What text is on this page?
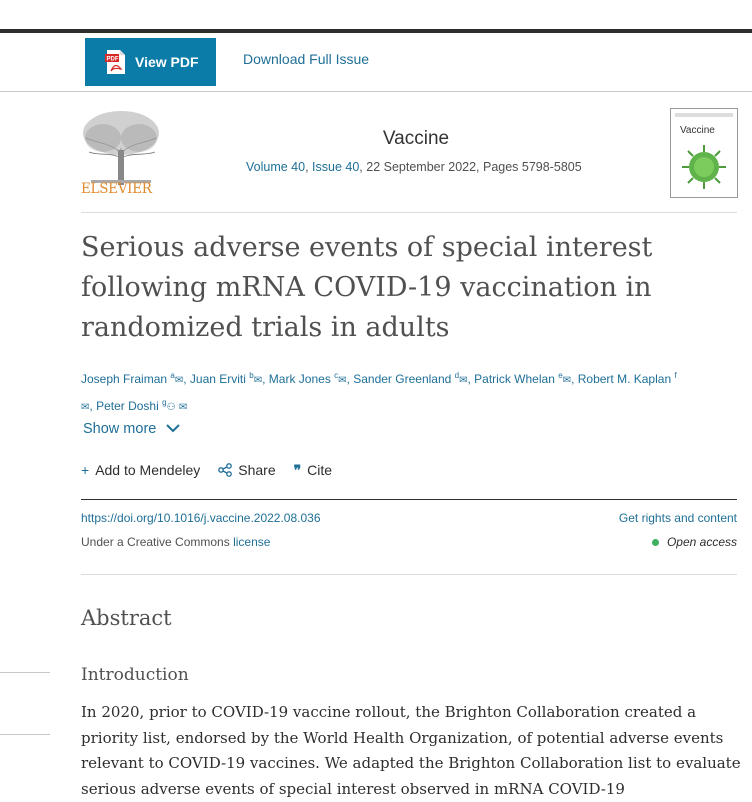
PDF View PDF	Download Full Issue
ELSEVIER
Vaccine
Volume 40, Issue 40, 22 September 2022, Pages 5798-5805
Vaccine
Serious adverse events of special interest following mRNA COVID-19 vaccination in randomized trials in adults
Joseph Fraiman $^a$✉, Juan Erviti $^b$✉, Mark Jones $^c$✉, Sander Greenland $^d$✉, Patrick Whelan $^e$✉, Robert M. Kaplan $^f$
✉, Peter Doshi $^g$⚇ ✉
Show more
+ Add to Mendeley	Share ❞ Cite
https://doi.org/10.1016/j.vaccine.2022.08.036	Get rights and content
Under a Creative Commons license	Open access
Abstract
Introduction

In 2020, prior to COVID-19 vaccine rollout, the Brighton Collaboration created a priority list, endorsed by the World Health Organization, of potential adverse events relevant to COVID-19 vaccines. We adapted the Brighton Collaboration list to evaluate serious adverse events of special interest observed in mRNA COVID-19
